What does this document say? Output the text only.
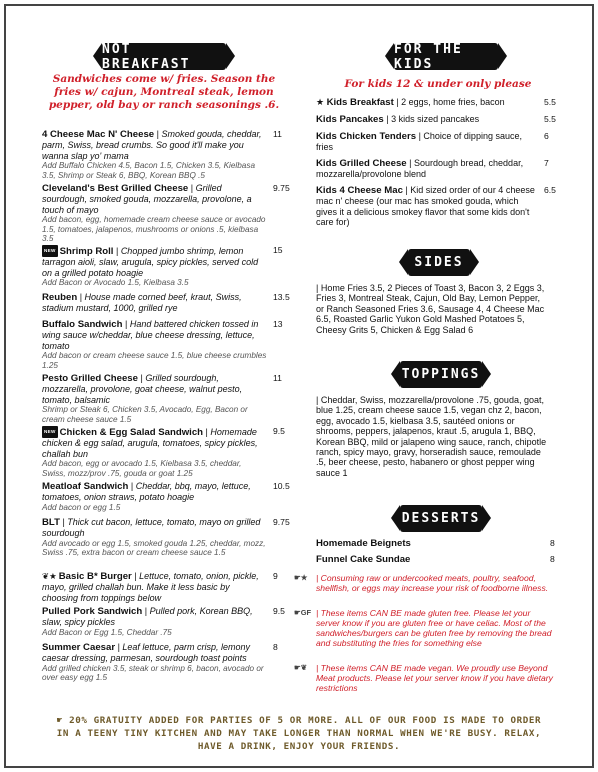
NOT BREAKFAST
Sandwiches come w/ fries. Season the fries w/ cajun, Montreal steak, lemon pepper, old bay or ranch seasonings .6.
4 Cheese Mac N' Cheese | Smoked gouda, cheddar, parm, Swiss, bread crumbs. So good it'll make you wanna slap yo' mama
Add Buffalo Chicken 4.5, Bacon 1.5, Chicken 3.5, Kielbasa 3.5, Shrimp or Steak 6, BBQ, Korean BBQ .5
11
Cleveland's Best Grilled Cheese | Grilled sourdough, smoked gouda, mozzarella, provolone, a touch of mayo
Add bacon, egg, homemade cream cheese sauce or avocado 1.5, tomatoes, jalapenos, mushrooms or onions .5, kielbasa 3.5
9.75
NEW Shrimp Roll | Chopped jumbo shrimp, lemon tarragon aioli, slaw, arugula, spicy pickles, served cold on a grilled potato hoagie
Add Bacon or Avocado 1.5, Kielbasa 3.5
15
Reuben | House made corned beef, kraut, Swiss, stadium mustard, 1000, grilled rye
13.5
Buffalo Sandwich | Hand battered chicken tossed in wing sauce w/cheddar, blue cheese dressing, lettuce, tomato
Add bacon or cream cheese sauce 1.5, blue cheese crumbles 1.25
13
Pesto Grilled Cheese | Grilled sourdough, mozzarella, provolone, goat cheese, walnut pesto, tomato, balsamic
Shrimp or Steak 6, Chicken 3.5, Avocado, Egg, Bacon or cream cheese sauce 1.5
11
NEW Chicken & Egg Salad Sandwich | Homemade chicken & egg salad, arugula, tomatoes, spicy pickles, challah bun
Add bacon, egg or avocado 1.5, Kielbasa 3.5, cheddar, Swiss, mozz/prov .75, gouda or goat 1.25
9.5
Meatloaf Sandwich | Cheddar, bbq, mayo, lettuce, tomatoes, onion straws, potato hoagie
Add bacon or egg 1.5
10.5
BLT | Thick cut bacon, lettuce, tomato, mayo on grilled sourdough
Add avocado or egg 1.5, smoked gouda 1.25, cheddar, mozz, Swiss .75, extra bacon or cream cheese sauce 1.5
9.75
❦★ Basic B* Burger | Lettuce, tomato, onion, pickle, mayo, grilled challah bun. Make it less basic by choosing from toppings below
9
Pulled Pork Sandwich | Pulled pork, Korean BBQ, slaw, spicy pickles
Add Bacon or Egg 1.5, Cheddar .75
9.5
Summer Caesar | Leaf lettuce, parm crisp, lemony caesar dressing, parmesan, sourdough toast points
Add grilled chicken 3.5, steak or shrimp 6, bacon, avocado or over easy egg 1.5
8
FOR THE KIDS
For kids 12 & under only please
★ Kids Breakfast | 2 eggs, home fries, bacon	5.5
Kids Pancakes | 3 kids sized pancakes	5.5
Kids Chicken Tenders | Choice of dipping sauce, fries
6
Kids Grilled Cheese | Sourdough bread, cheddar, mozzarella/provolone blend
7
Kids 4 Cheese Mac | Kid sized order of our 4 cheese mac n' cheese (our mac has smoked gouda, which gives it a delicious smokey flavor that some kids don't care for)
6.5
SIDES
| Home Fries 3.5, 2 Pieces of Toast 3, Bacon 3, 2 Eggs 3, Fries 3, Montreal Steak, Cajun, Old Bay, Lemon Pepper, or Ranch Seasoned Fries 3.6, Sausage 4, 4 Cheese Mac 6.5, Roasted Garlic Yukon Gold Mashed Potatoes 5, Cheesy Grits 5, Chicken & Egg Salad 6
TOPPINGS
| Cheddar, Swiss, mozzarella/provolone .75, gouda, goat, blue 1.25, cream cheese sauce 1.5, vegan chz 2, bacon, egg, avocado 1.5, kielbasa 3.5, sautéed onions or shrooms, peppers, jalapenos, kraut .5, arugula 1, BBQ, Korean BBQ, mild or jalapeno wing sauce, ranch, chipotle ranch, spicy mayo, gravy, horseradish sauce, remoulade .5, beer cheese, pesto, habanero or ghost pepper wing sauce 1
DESSERTS
Homemade Beignets	8
Funnel Cake Sundae	8
☛★ | Consuming raw or undercooked meats, poultry, seafood, shellfish, or eggs may increase your risk of foodborne illness.
☛GF | These items CAN BE made gluten free. Please let your server know if you are gluten free or have celiac. Most of the sandwiches/burgers can be gluten free by removing the bread and substituting the fries for something else
☛❦ | These items CAN BE made vegan. We proudly use Beyond Meat products. Please let your server know if you have dietary restrictions
☛ 20% GRATUITY ADDED FOR PARTIES OF 5 OR MORE. ALL OF OUR FOOD IS MADE TO ORDER IN A TEENY TINY KITCHEN AND MAY TAKE LONGER THAN NORMAL WHEN WE'RE BUSY. RELAX, HAVE A DRINK, ENJOY YOUR FRIENDS.
